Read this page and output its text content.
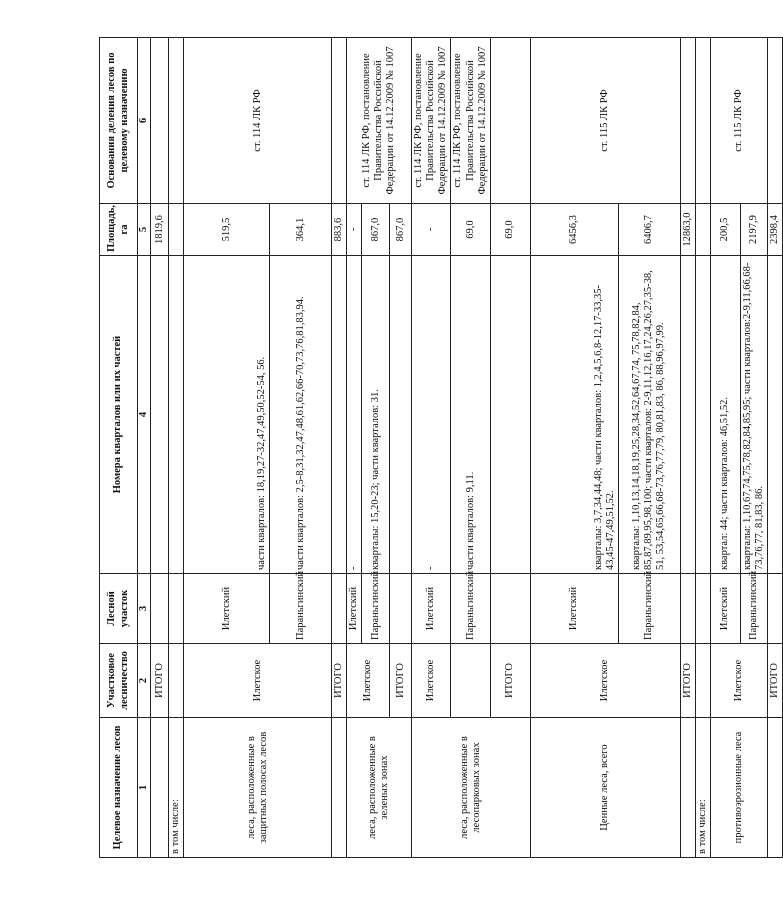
Целевое назначение лесов	Участковое лесничество	Лесной участок	Номера кварталов или их частей	Площадь, га	Основания деления лесов по целевому назначению
1	2	3	4	5	6
	ИТОГО			1819,6	
в том числе:					
леса, расположенные в защитных полосах лесов	Илетское	Илетский	части кварталов: 18,19,27-32,47,49,50,52-54, 56.	519,5	ст. 114 ЛК РФ
		Параньгинский	части кварталов: 2,5-8,31,32,47,48,61,62,66-70,73,76,81,83,94.	364,1	
	ИТОГО			883,6	
леса, расположенные в зеленых зонах	Илетское	Илетский	-	-	ст. 114 ЛК РФ, постановление Правительства Российской Федерации от 14.12.2009 № 1007
		Параньгинский	кварталы: 15,20-23; части кварталов: 31.	867,0	
	ИТОГО			867,0	
леса, расположенные в лесопарковых зонах	Илетское	Илетский	-	-	ст. 114 ЛК РФ, постановление Правительства Российской Федерации от 14.12.2009 № 1007
		Параньгинский	части кварталов: 9,11.	69,0	ст. 114 ЛК РФ, постановление Правительства Российской Федерации от 14.12.2009 № 1007
	ИТОГО			69,0	
Ценные леса, всего	Илетское	Илетский	кварталы: 3,7,34,44,48; части кварталов: 1,2,4,5,6,8-12,17-33,35-43,45-47,49,51,52.	6456,3	ст. 115 ЛК РФ
		Параньгинский	кварталы: 1,10,13,14,18,19,25,28,34,52,64,67,74, 75,78,82,84, 85,87,89,95,98,100; части кварталов: 2-9,11,12,16,17,24,26,27,35-38, 51, 53,54,65,66,68-73,76,77,79, 80,81,83, 86, 88,96,97,99.	6406,7	
	ИТОГО			12863,0	
в том числе:					
противоэрозионные леса	Илетское	Илетский	квартал: 44; части кварталов: 46,51,52.	200,5	ст. 115 ЛК РФ
		Параньгинский	кварталы: 1,10,67,74,75,78,82,84,85,95; части кварталов:2-9,11,66,68-73,76,77, 81,83, 86.	2197,9	
	ИТОГО			2398,4	
